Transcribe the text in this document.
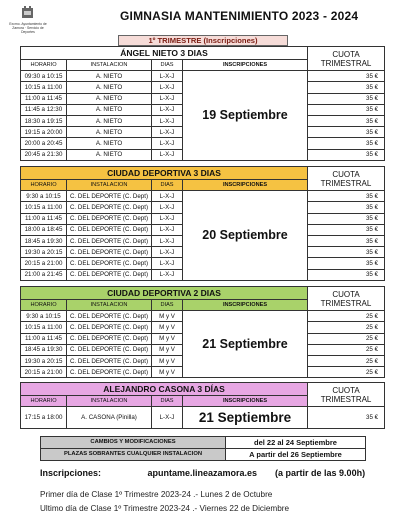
Excmo. Ayuntamiento de Zamora · Servicio de Deportes
GIMNASIA MANTENIMIENTO 2023 - 2024
1º TRIMESTRE (Inscripciones)
ÁNGEL NIETO 3 DIAS				CUOTA TRIMESTRAL
HORARIO	INSTALACION	DIAS	INSCRIPCIONES	
09:30 a 10:15	A. NIETO	L-X-J	19 Septiembre	35 €
10:15 a 11:00	A. NIETO	L-X-J		35 €
11:00 a 11:45	A. NIETO	L-X-J		35 €
11:45 a 12:30	A. NIETO	L-X-J		35 €
18:30 a 19:15	A. NIETO	L-X-J		35 €
19:15 a 20:00	A. NIETO	L-X-J		35 €
20:00 a 20:45	A. NIETO	L-X-J		35 €
20:45 a 21:30	A. NIETO	L-X-J		35 €
CIUDAD DEPORTIVA 3 DIAS				CUOTA TRIMESTRAL
HORARIO	INSTALACION	DIAS	INSCRIPCIONES	
9:30 a 10:15	C. DEL DEPORTE (C. Dept)	L-X-J	20 Septiembre	35 €
10:15 a 11:00	C. DEL DEPORTE (C. Dept)	L-X-J		35 €
11:00 a 11:45	C. DEL DEPORTE (C. Dept)	L-X-J		35 €
18:00 a 18:45	C. DEL DEPORTE (C. Dept)	L-X-J		35 €
18:45 a 19:30	C. DEL DEPORTE (C. Dept)	L-X-J		35 €
19:30 a 20:15	C. DEL DEPORTE (C. Dept)	L-X-J		35 €
20:15 a 21:00	C. DEL DEPORTE (C. Dept)	L-X-J		35 €
21:00 a 21:45	C. DEL DEPORTE (C. Dept)	L-X-J		35 €
CIUDAD DEPORTIVA 2 DIAS				CUOTA TRIMESTRAL
HORARIO	INSTALACION	DIAS	INSCRIPCIONES	
9:30 a 10:15	C. DEL DEPORTE (C. Dept)	M y V	21 Septiembre	25 €
10:15 a 11:00	C. DEL DEPORTE (C. Dept)	M y V		25 €
11:00 a 11:45	C. DEL DEPORTE (C. Dept)	M y V		25 €
18:45 a 19:30	C. DEL DEPORTE (C. Dept)	M y V		25 €
19:30 a 20:15	C. DEL DEPORTE (C. Dept)	M y V		25 €
20:15 a 21:00	C. DEL DEPORTE (C. Dept)	M y V		25 €
ALEJANDRO CASONA 3 DÍAS				CUOTA TRIMESTRAL
HORARIO	INSTALACION	DIAS	INSCRIPCIONES	
17:15 a 18:00	A. CASONA (Pinilla)	L-X-J	21 Septiembre	35 €
CAMBIOS Y MODIFICACIONES	del 22 al 24 Septiembre
PLAZAS SOBRANTES CUALQUIER INSTALACION	A partir del 26 Septiembre
Inscripciones:	apuntame.lineazamora.es (a partir de las 9.00h)
Primer día de Clase 1º Trimestre 2023-24 .- Lunes 2 de Octubre
Ultimo día de Clase 1º Trimestre 2023-24 .- Viernes 22 de Diciembre
